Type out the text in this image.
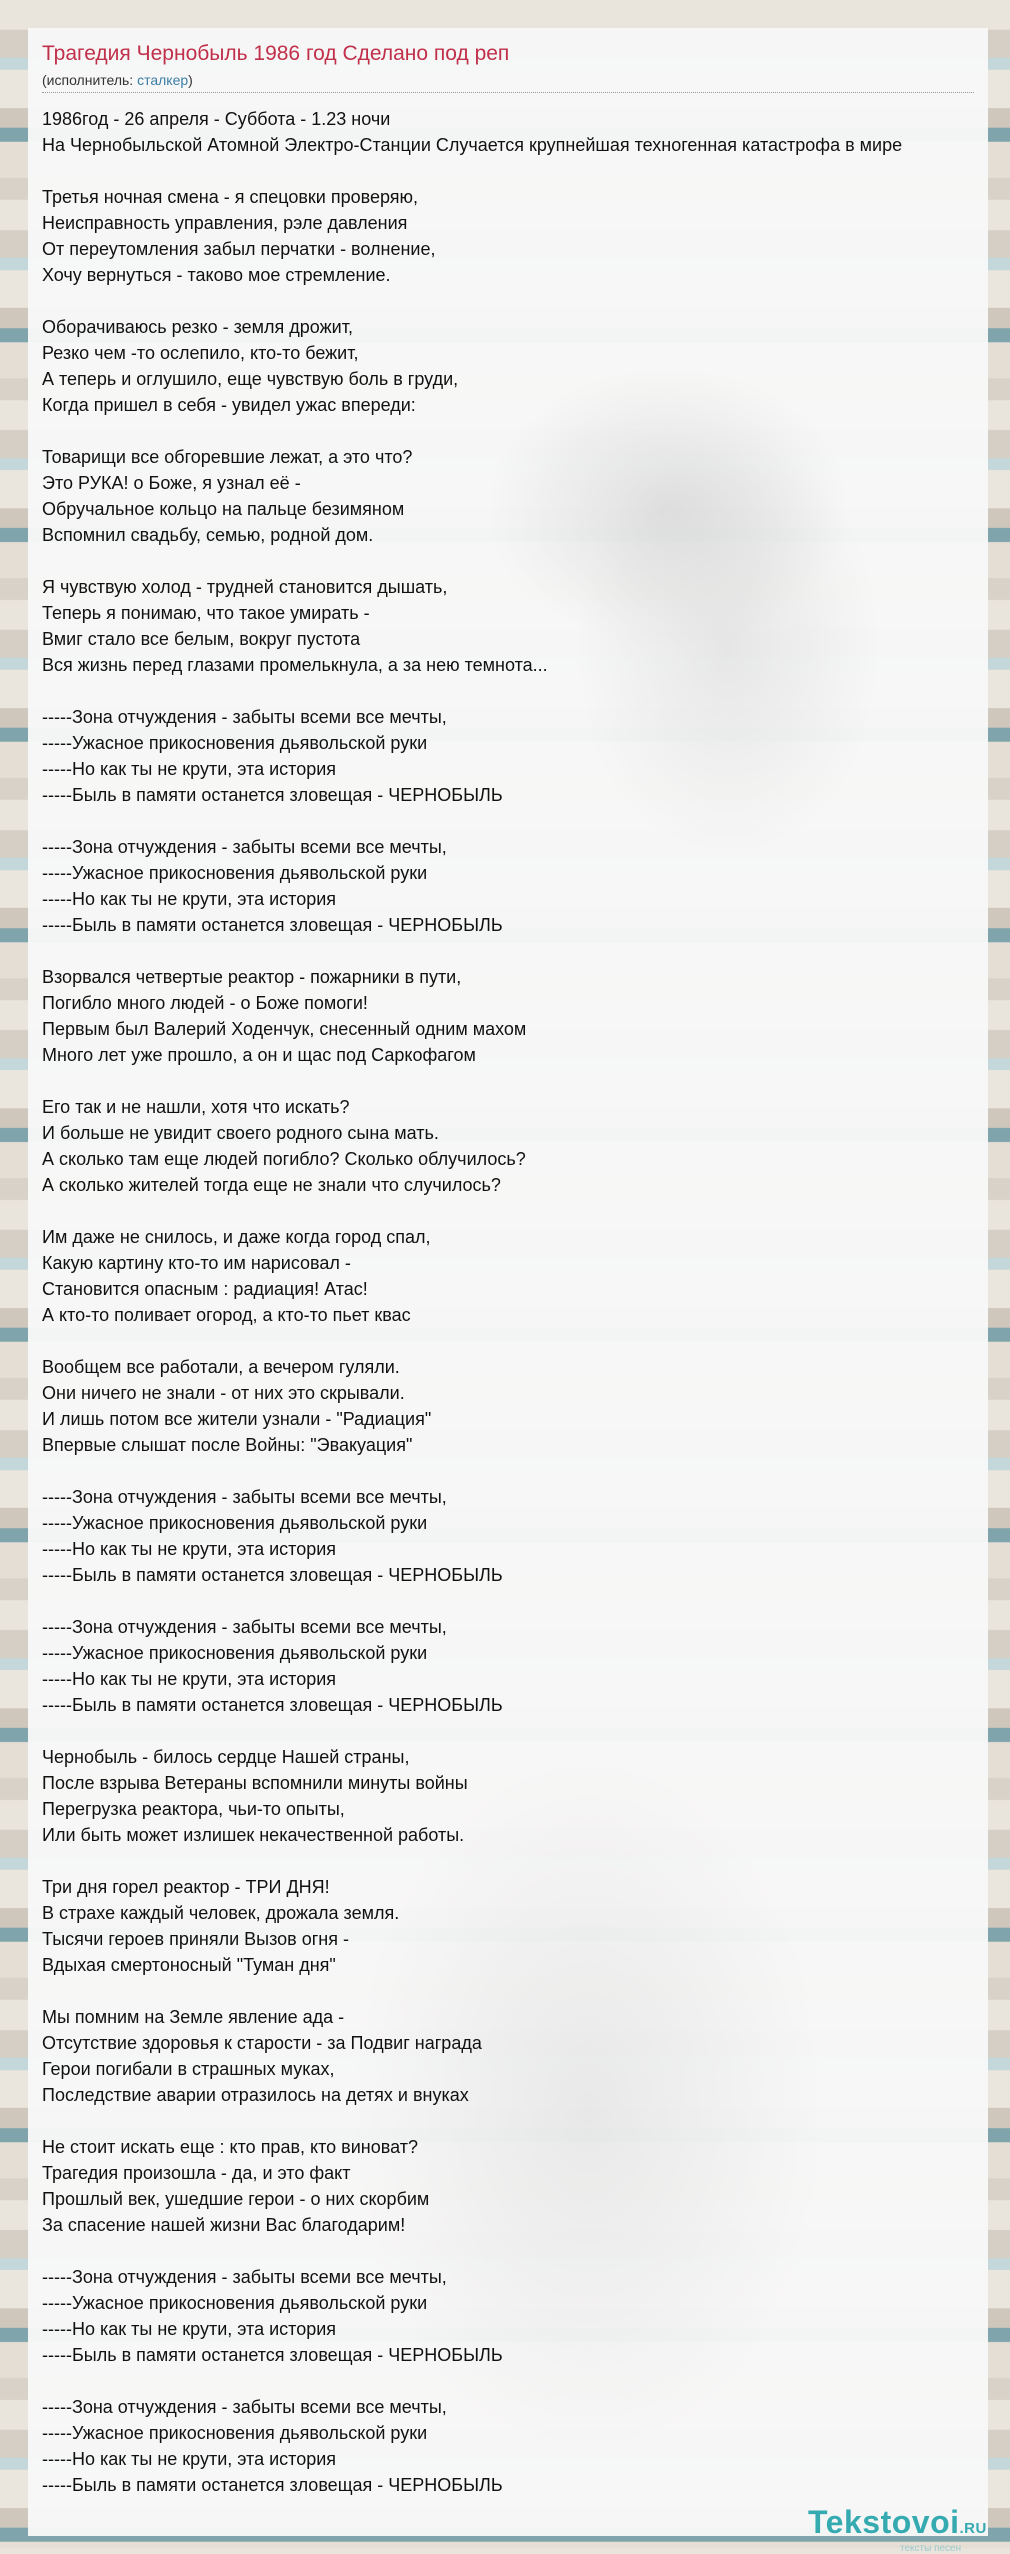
Трагедия Чернобыль 1986 год Сделано под реп
(исполнитель: сталкер)
1986год - 26 апреля - Суббота - 1.23 ночи
На Чернобыльской Атомной Электро-Станции Случается крупнейшая техногенная катастрофа в мире
Третья ночная смена - я спецовки проверяю,
Неисправность управления, рэле давления
От переутомления забыл перчатки - волнение,
Хочу вернуться - таково мое стремление.
Оборачиваюсь резко - земля дрожит,
Резко чем -то ослепило, кто-то бежит,
А теперь и оглушило, еще чувствую боль в груди,
Когда пришел в себя - увидел ужас впереди:
Товарищи все обгоревшие лежат, а это что?
Это РУКА! о Боже, я узнал её -
Обручальное кольцо на пальце безимяном
Вспомнил свадьбу, семью, родной дом.
Я чувствую холод - трудней становится дышать,
Теперь я понимаю, что такое умирать -
Вмиг стало все белым, вокруг пустота
Вся жизнь перед глазами промелькнула, а за нею темнота...
-----Зона отчуждения - забыты всеми все мечты,
-----Ужасное прикосновения дьявольской руки
-----Но как ты не крути, эта история
-----Быль в памяти останется зловещая - ЧЕРНОБЫЛЬ
-----Зона отчуждения - забыты всеми все мечты,
-----Ужасное прикосновения дьявольской руки
-----Но как ты не крути, эта история
-----Быль в памяти останется зловещая - ЧЕРНОБЫЛЬ
Взорвался четвертые реактор - пожарники в пути,
Погибло много людей - о Боже помоги!
Первым был Валерий Ходенчук, снесенный одним махом
Много лет уже прошло, а он и щас под Саркофагом
Его так и не нашли, хотя что искать?
И больше не увидит своего родного сына мать.
А сколько там еще людей погибло? Сколько облучилось?
А сколько жителей тогда еще не знали что случилось?
Им даже не снилось, и даже когда город спал,
Какую картину кто-то им нарисовал -
Становится опасным : радиация! Атас!
А кто-то поливает огород, а кто-то пьет квас
Вообщем все работали, а вечером гуляли.
Они ничего не знали - от них это скрывали.
И лишь потом все жители узнали - "Радиация"
Впервые слышат после Войны: "Эвакуация"
-----Зона отчуждения - забыты всеми все мечты,
-----Ужасное прикосновения дьявольской руки
-----Но как ты не крути, эта история
-----Быль в памяти останется зловещая - ЧЕРНОБЫЛЬ
-----Зона отчуждения - забыты всеми все мечты,
-----Ужасное прикосновения дьявольской руки
-----Но как ты не крути, эта история
-----Быль в памяти останется зловещая - ЧЕРНОБЫЛЬ
Чернобыль - билось сердце Нашей страны,
После взрыва Ветераны вспомнили минуты войны
Перегрузка реактора, чьи-то опыты,
Или быть может излишек некачественной работы.
Три дня горел реактор - ТРИ ДНЯ!
В страхе каждый человек, дрожала земля.
Тысячи героев приняли Вызов огня -
Вдыхая смертоносный "Туман дня"
Мы помним на Земле явление ада -
Отсутствие здоровья к старости - за Подвиг награда
Герои погибали в страшных муках,
Последствие аварии отразилось на детях и внуках
Не стоит искать еще : кто прав, кто виноват?
Трагедия произошла - да, и это факт
Прошлый век, ушедшие герои - о них скорбим
За спасение нашей жизни Вас благодарим!
-----Зона отчуждения - забыты всеми все мечты,
-----Ужасное прикосновения дьявольской руки
-----Но как ты не крути, эта история
-----Быль в памяти останется зловещая - ЧЕРНОБЫЛЬ
-----Зона отчуждения - забыты всеми все мечты,
-----Ужасное прикосновения дьявольской руки
-----Но как ты не крути, эта история
-----Быль в памяти останется зловещая - ЧЕРНОБЫЛЬ
Tekstovoi.RU
тексты песен
